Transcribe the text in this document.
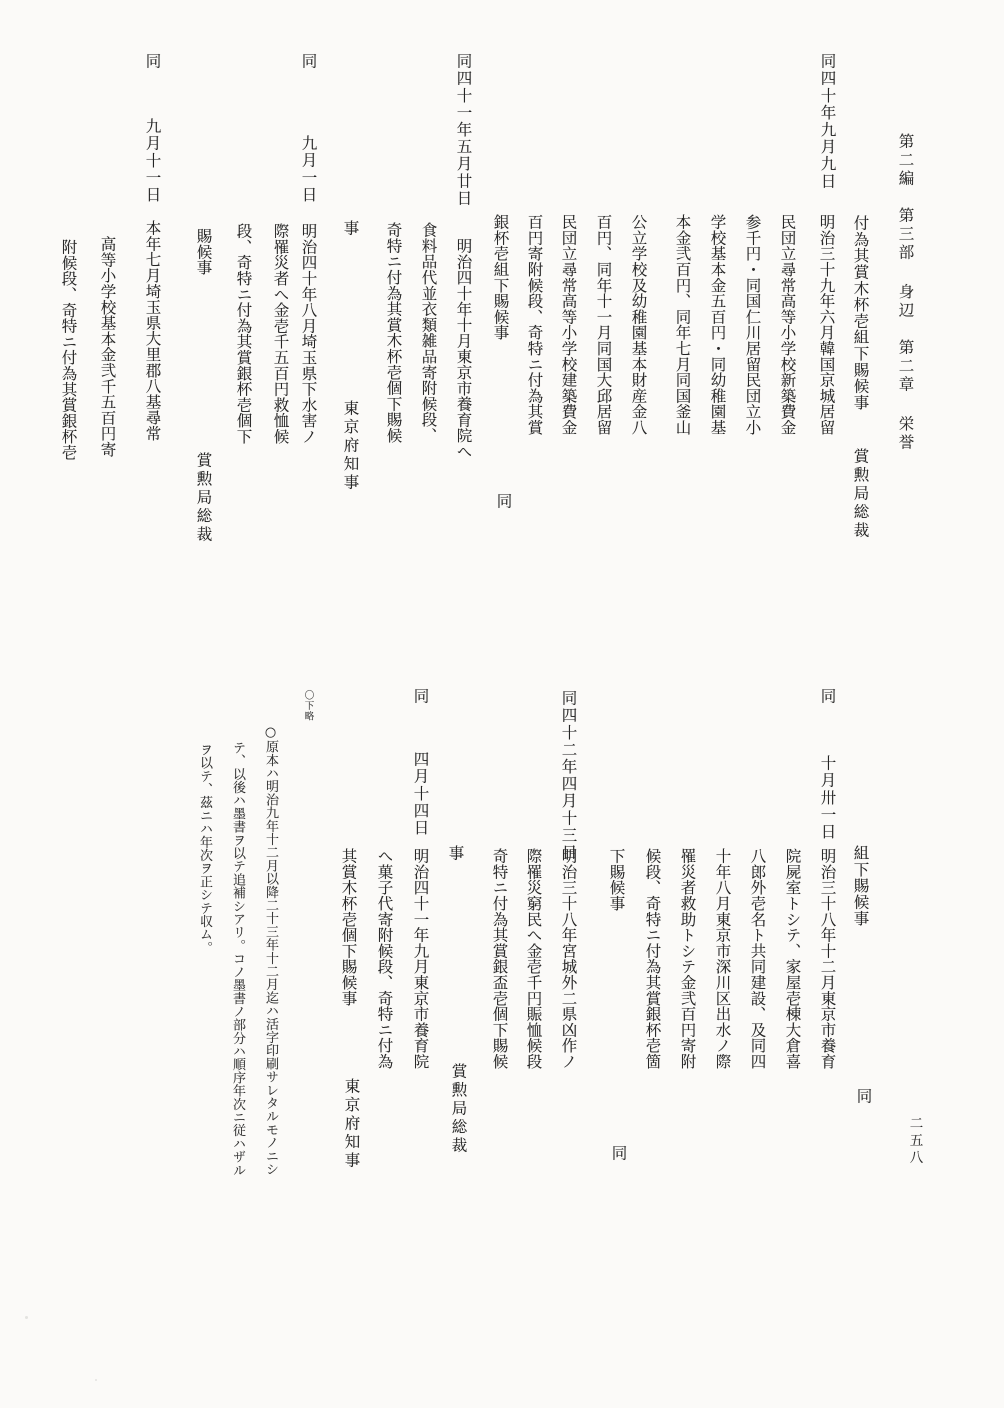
第二編　第三部 身辺　第二章 栄誉
付為其賞木杯壱組下賜候事
賞勲局総裁
同四十年九月九日
明治三十九年六月韓国京城居留
民団立尋常高等小学校新築費金
参千円・同国仁川居留民団立小
学校基本金五百円・同幼稚園基
本金弐百円、同年七月同国釜山
公立学校及幼稚園基本財産金八
百円、同年十一月同国大邱居留
民団立尋常高等小学校建築費金
百円寄附候段、奇特ニ付為其賞
銀杯壱組下賜候事
同
同四十一年五月廿日
明治四十年十月東京市養育院へ
食料品代並衣類雑品寄附候段、
奇特ニ付為其賞木杯壱個下賜候
事
東京府知事
同
九月一日
明治四十年八月埼玉県下水害ノ
際罹災者へ金壱千五百円救恤候
段、奇特ニ付為其賞銀杯壱個下
賜候事
賞勲局総裁
同
九月十一日
本年七月埼玉県大里郡八基尋常
高等小学校基本金弐千五百円寄
附候段、奇特ニ付為其賞銀杯壱
組下賜候事
同
同
十月卅一日
明治三十八年十二月東京市養育
院屍室トシテ、家屋壱棟大倉喜
八郎外壱名ト共同建設、及同四
十年八月東京市深川区出水ノ際
罹災者救助トシテ金弐百円寄附
候段、奇特ニ付為其賞銀杯壱箇
下賜候事
同
同四十二年四月十三日
明治三十八年宮城外二県凶作ノ
際罹災窮民へ金壱千円賑恤候段
奇特ニ付為其賞銀盃壱個下賜候
事
賞勲局総裁
同
四月十四日
明治四十一年九月東京市養育院
へ菓子代寄附候段、奇特ニ付為
其賞木杯壱個下賜候事
東京府知事
〇下略
○原本ハ明治九年十二月以降二十三年十二月迄ハ活字印刷サレタルモノニシ
テ、以後ハ墨書ヲ以テ追補シアリ。コノ墨書ノ部分ハ順序年次ニ従ハザル
ヲ以テ、茲ニハ年次ヲ正シテ収ム。
二五八
